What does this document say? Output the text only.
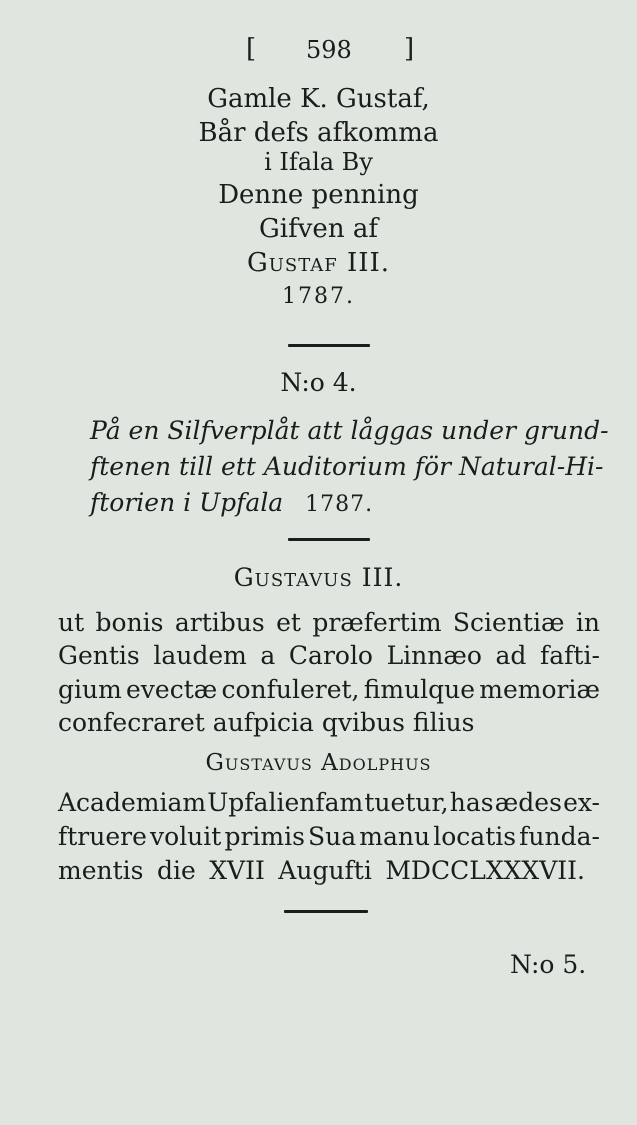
[ 598 ]
Gamle K. Gustaf,
Bår defs afkomma
i Ifala By
Denne penning
Gifven af
Gustaf III.
1787.
N:o 4.
På en Silfverplåt att låggas under grund-
ftenen till ett Auditorium för Natural-Hi-
ftorien i Upfala 1787.
Gustavus III.
ut bonis artibus et præfertim Scientiæ in
Gentis laudem a Carolo Linnæo ad fafti-
gium evectæ confuleret, fimulque memoriæ
confecraret aufpicia qvibus filius
Gustavus Adolphus
Academiam Upfalienfam tuetur, has ædes ex-
ftruere voluit primis Sua manu locatis funda-
mentis die XVII Augufti MDCCLXXXVII.
N:o 5.
